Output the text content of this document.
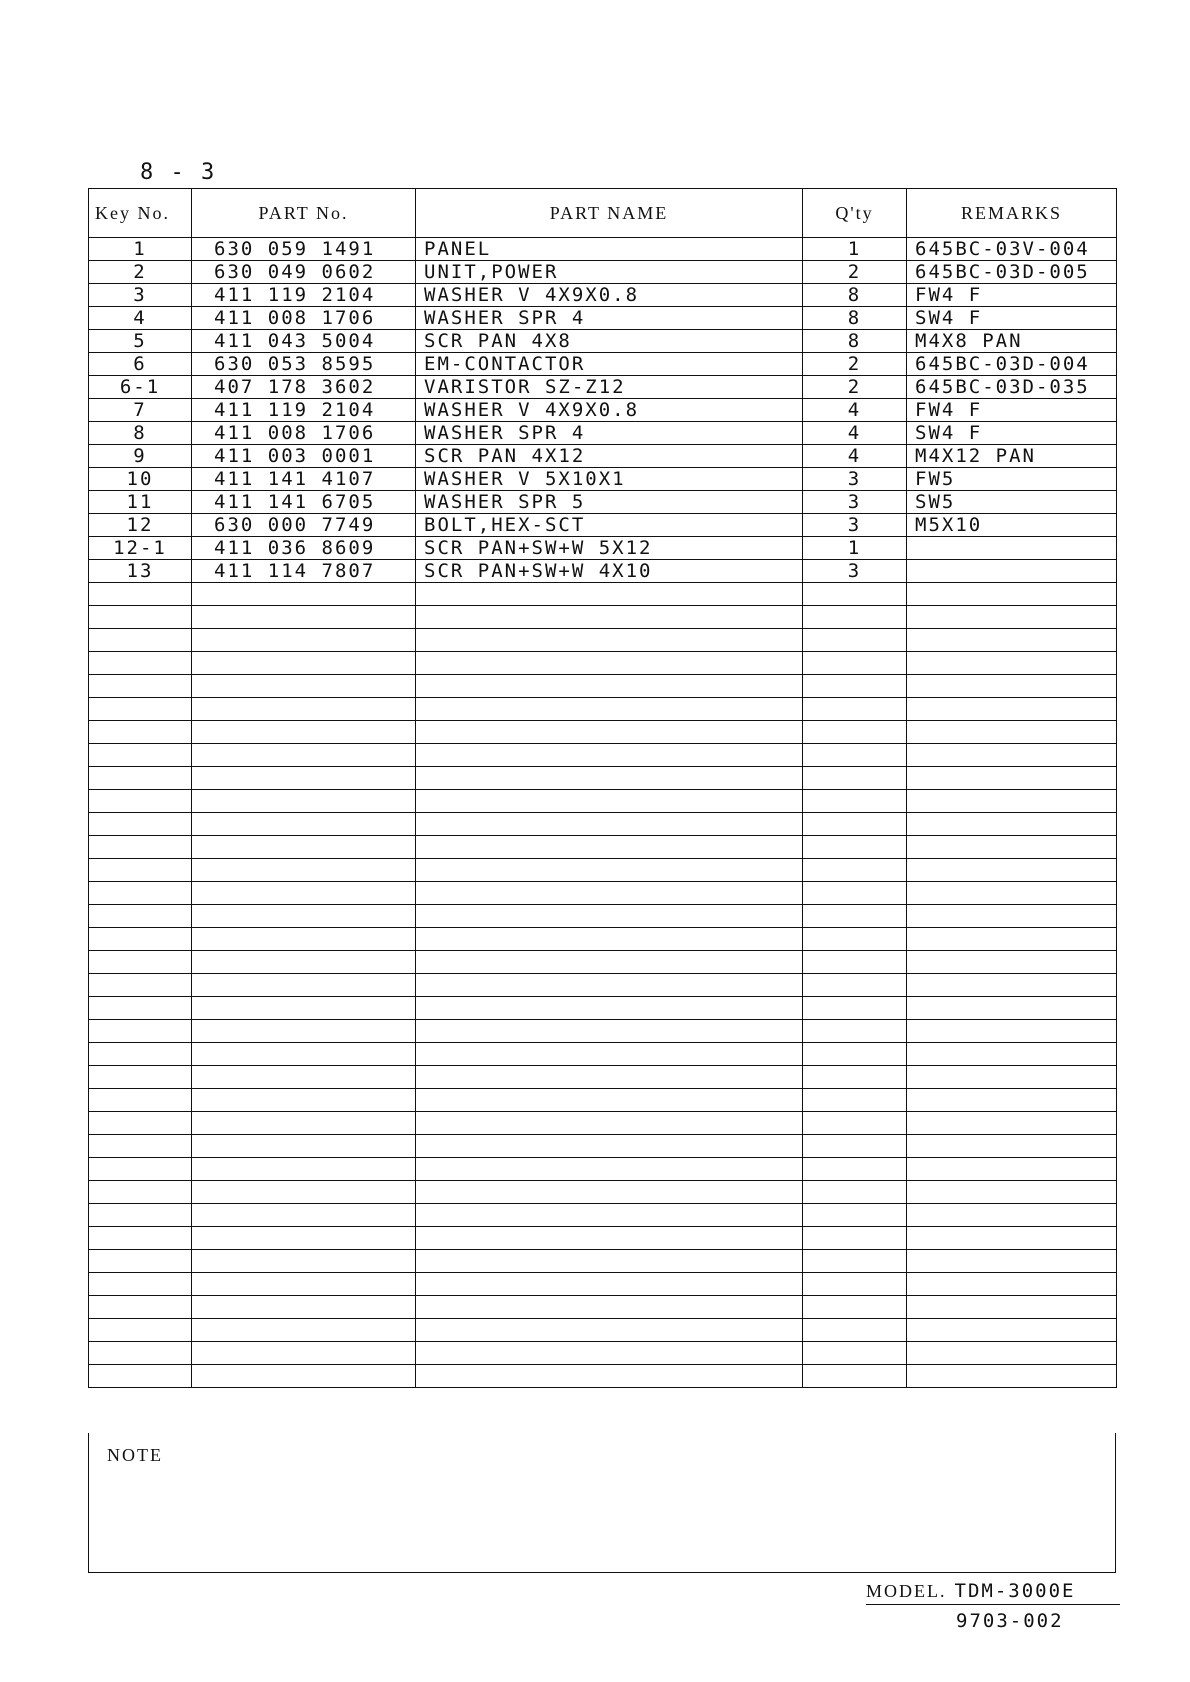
8 - 3
Key No.	PART No.	PART NAME	Q'ty	REMARKS
1	630 059 1491	PANEL	1	645BC-03V-004
2	630 049 0602	UNIT,POWER	2	645BC-03D-005
3	411 119 2104	WASHER V 4X9X0.8	8	FW4 F
4	411 008 1706	WASHER SPR 4	8	SW4 F
5	411 043 5004	SCR PAN 4X8	8	M4X8 PAN
6	630 053 8595	EM-CONTACTOR	2	645BC-03D-004
6-1	407 178 3602	VARISTOR SZ-Z12	2	645BC-03D-035
7	411 119 2104	WASHER V 4X9X0.8	4	FW4 F
8	411 008 1706	WASHER SPR 4	4	SW4 F
9	411 003 0001	SCR PAN 4X12	4	M4X12 PAN
10	411 141 4107	WASHER V 5X10X1	3	FW5
11	411 141 6705	WASHER SPR 5	3	SW5
12	630 000 7749	BOLT,HEX-SCT	3	M5X10
12-1	411 036 8609	SCR PAN+SW+W 5X12	1	
13	411 114 7807	SCR PAN+SW+W 4X10	3	

NOTE
MODEL. TDM-3000E
9703-002
